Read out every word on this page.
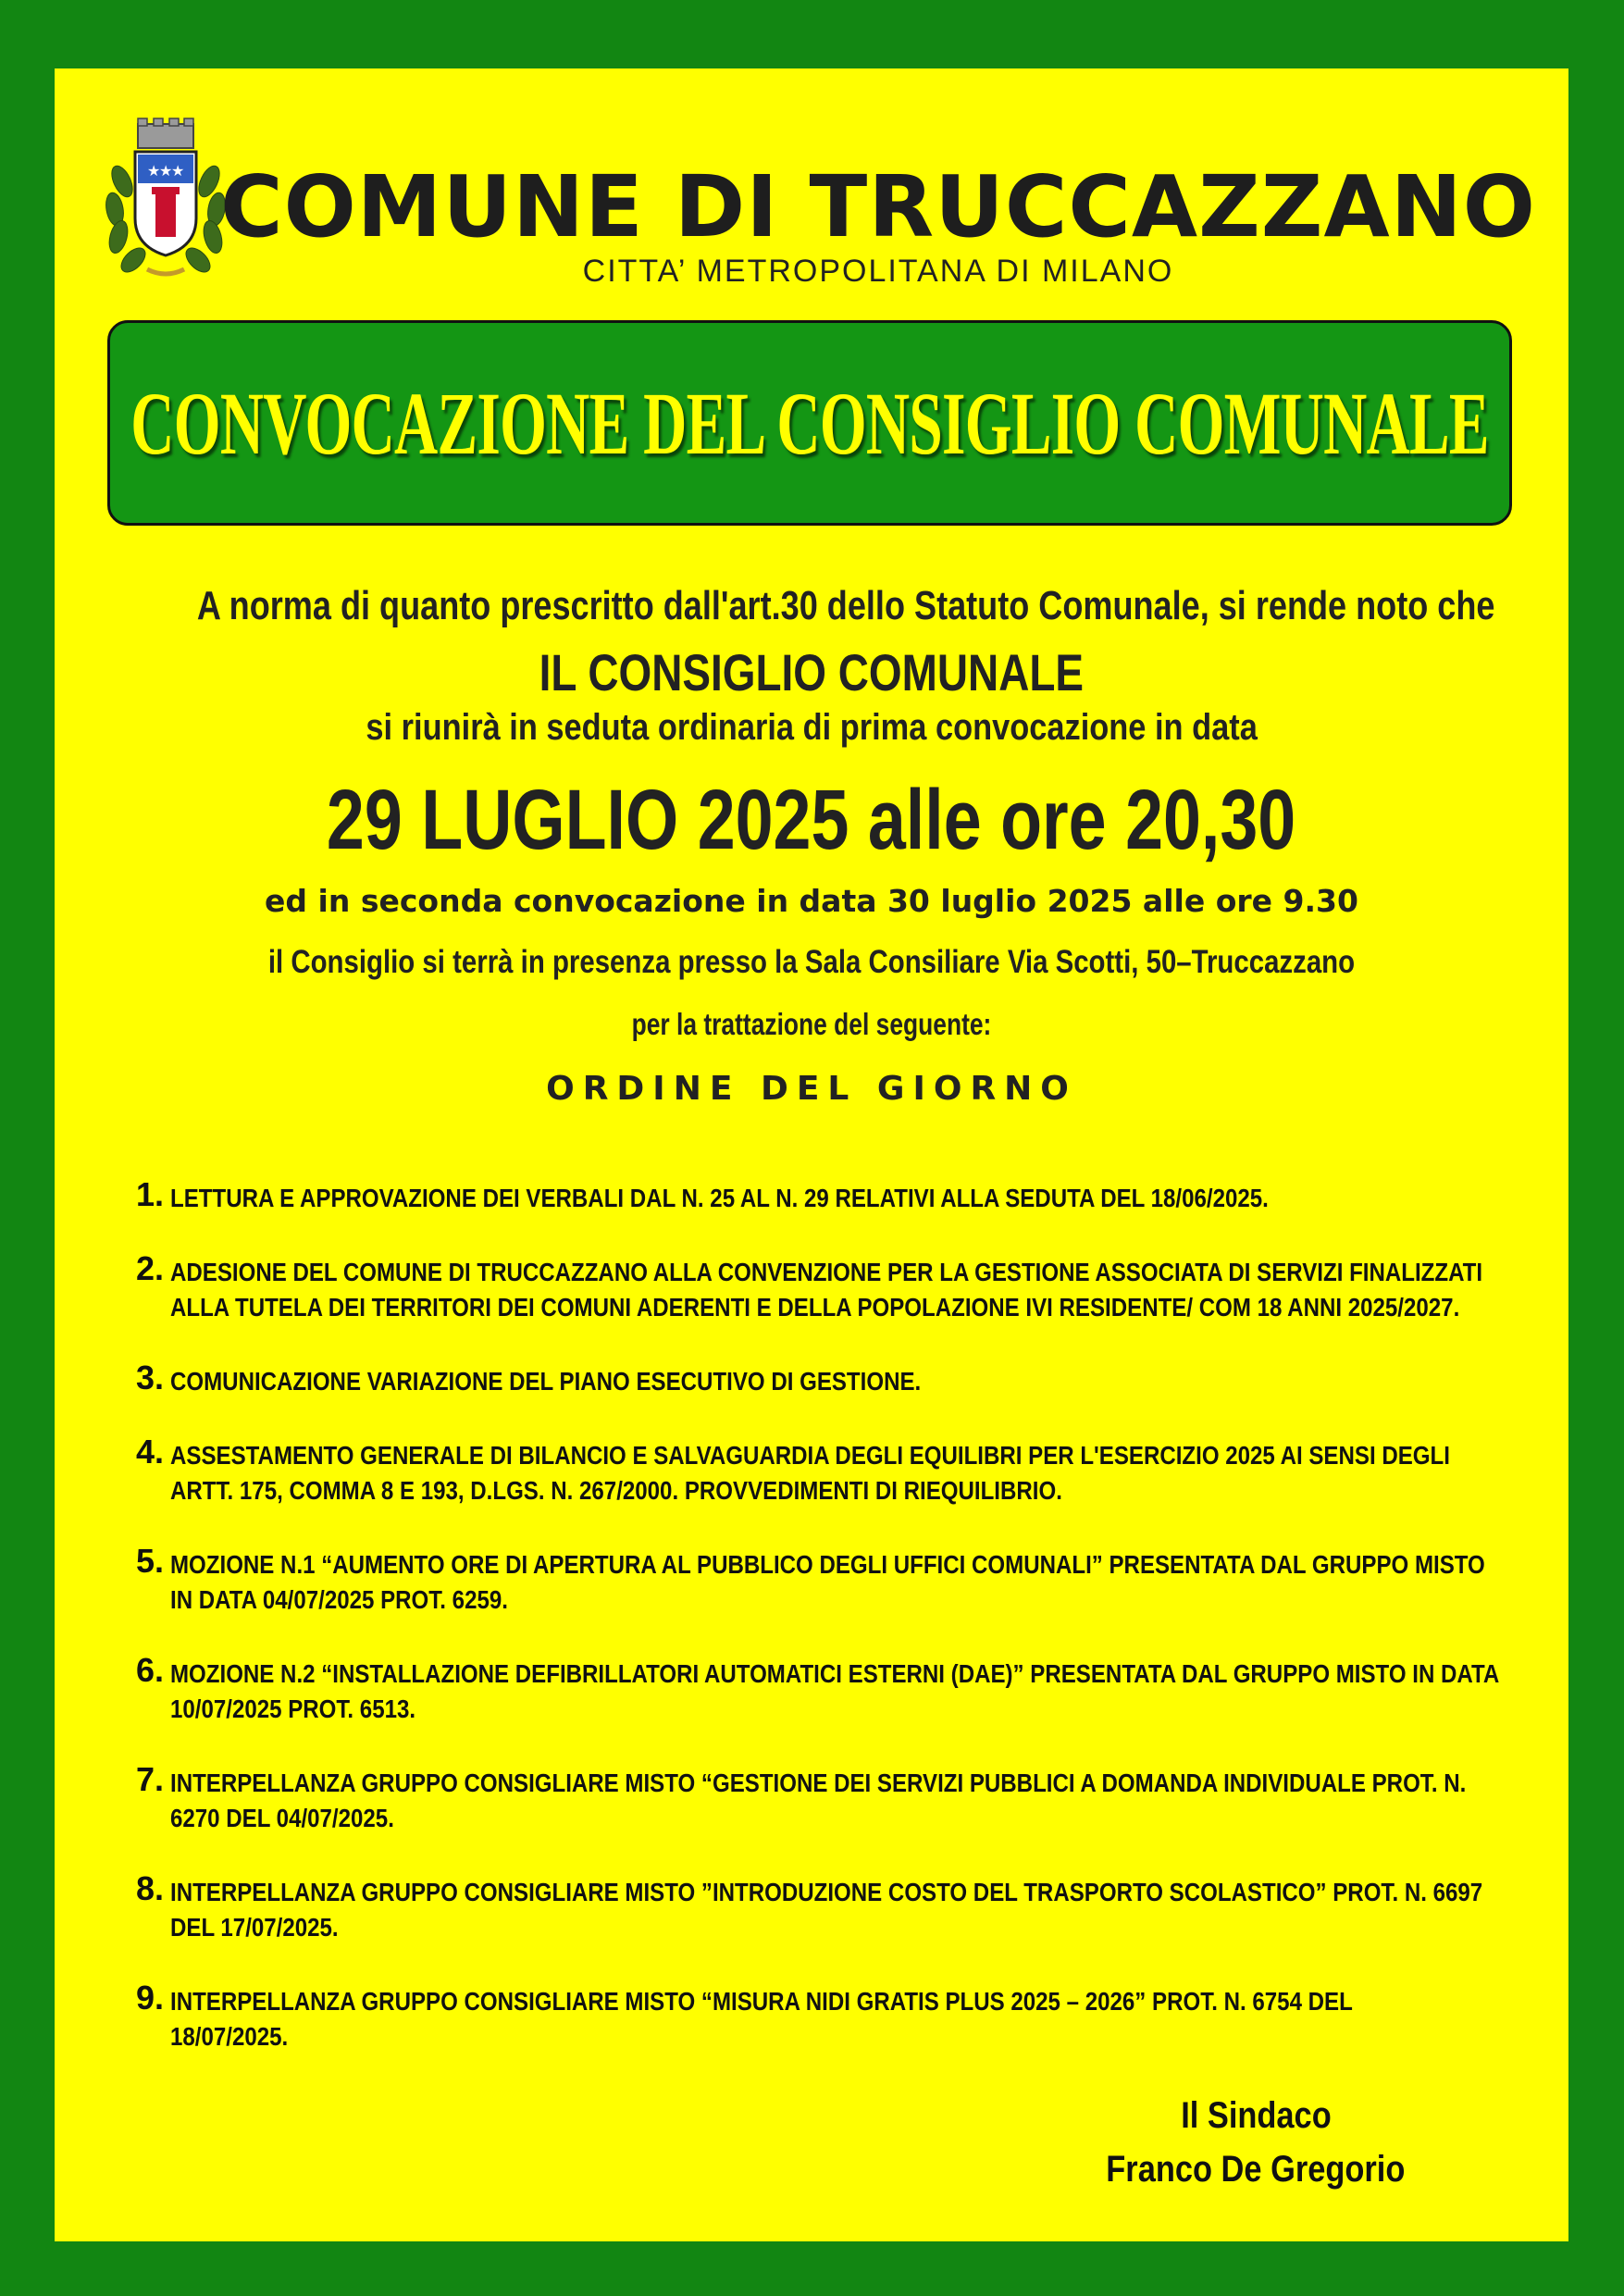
★
★
★ COMUNE DI TRUCCAZZANO
CITTA’ METROPOLITANA DI MILANO
CONVOCAZIONE DEL CONSIGLIO COMUNALE
A norma di quanto prescritto dall'art.30 dello Statuto Comunale, si rende noto che
IL CONSIGLIO COMUNALE
si riunirà in seduta ordinaria di prima convocazione in data
29 LUGLIO 2025 alle ore 20,30
ed in seconda convocazione in data 30 luglio 2025 alle ore 9.30
il Consiglio si terrà in presenza presso la Sala Consiliare Via Scotti, 50–Truccazzano
per la trattazione del seguente:
ORDINE DEL GIORNO
1. LETTURA E APPROVAZIONE DEI VERBALI DAL N. 25 AL N. 29 RELATIVI ALLA SEDUTA DEL 18/06/2025.
2. ADESIONE DEL COMUNE DI TRUCCAZZANO ALLA CONVENZIONE PER LA GESTIONE ASSOCIATA DI SERVIZI FINALIZZATI
ALLA TUTELA DEI TERRITORI DEI COMUNI ADERENTI E DELLA POPOLAZIONE IVI RESIDENTE/ COM 18 ANNI 2025/2027.
3. COMUNICAZIONE VARIAZIONE DEL PIANO ESECUTIVO DI GESTIONE.
4. ASSESTAMENTO GENERALE DI BILANCIO E SALVAGUARDIA DEGLI EQUILIBRI PER L'ESERCIZIO 2025 AI SENSI DEGLI
ARTT. 175, COMMA 8 E 193, D.LGS. N. 267/2000. PROVVEDIMENTI DI RIEQUILIBRIO.
5. MOZIONE N.1 “AUMENTO ORE DI APERTURA AL PUBBLICO DEGLI UFFICI COMUNALI” PRESENTATA DAL GRUPPO MISTO
IN DATA 04/07/2025 PROT. 6259.
6. MOZIONE N.2 “INSTALLAZIONE DEFIBRILLATORI AUTOMATICI ESTERNI (DAE)” PRESENTATA DAL GRUPPO MISTO IN DATA
10/07/2025 PROT. 6513.
7. INTERPELLANZA GRUPPO CONSIGLIARE MISTO “GESTIONE DEI SERVIZI PUBBLICI A DOMANDA INDIVIDUALE PROT. N.
6270 DEL 04/07/2025.
8. INTERPELLANZA GRUPPO CONSIGLIARE MISTO ”INTRODUZIONE COSTO DEL TRASPORTO SCOLASTICO” PROT. N. 6697
DEL 17/07/2025.
9. INTERPELLANZA GRUPPO CONSIGLIARE MISTO “MISURA NIDI GRATIS PLUS 2025 – 2026” PROT. N. 6754 DEL
18/07/2025.
Il Sindaco
Franco De Gregorio
